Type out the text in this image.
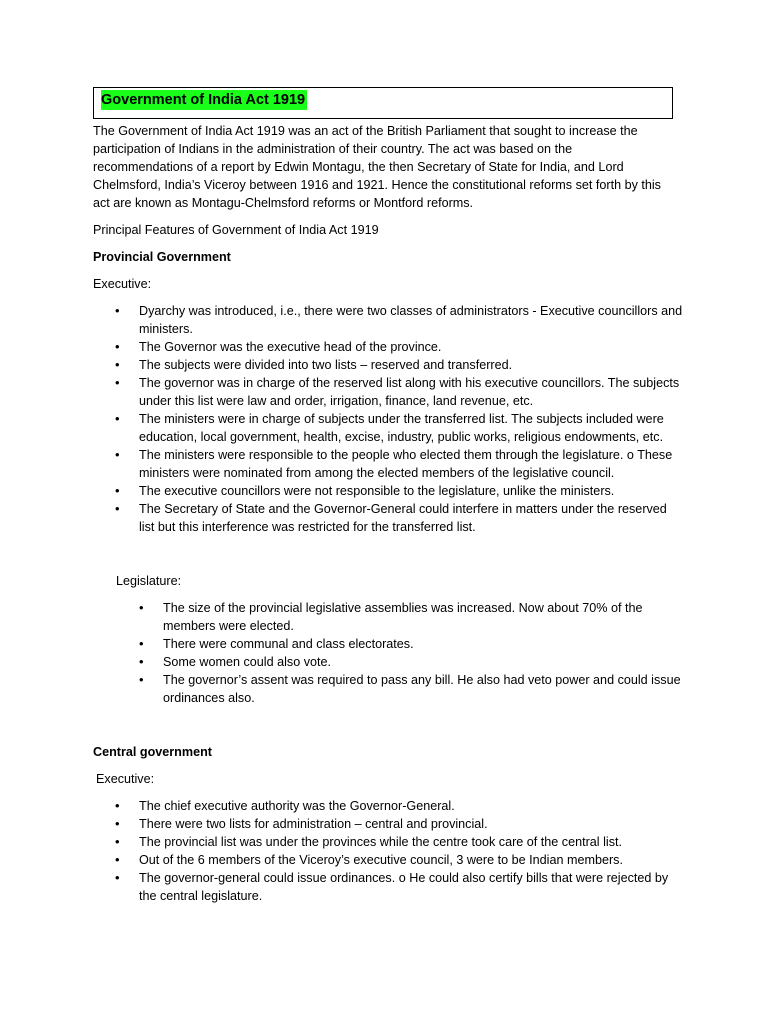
Government of India Act 1919

The Government of India Act 1919 was an act of the British Parliament that sought to increase the participation of Indians in the administration of their country. The act was based on the recommendations of a report by Edwin Montagu, the then Secretary of State for India, and Lord Chelmsford, India’s Viceroy between 1916 and 1921. Hence the constitutional reforms set forth by this act are known as Montagu-Chelmsford reforms or Montford reforms.

Principal Features of Government of India Act 1919

Provincial Government

Executive:

• Dyarchy was introduced, i.e., there were two classes of administrators - Executive councillors and ministers.
• The Governor was the executive head of the province.
• The subjects were divided into two lists – reserved and transferred.
• The governor was in charge of the reserved list along with his executive councillors. The subjects under this list were law and order, irrigation, finance, land revenue, etc.
• The ministers were in charge of subjects under the transferred list. The subjects included were education, local government, health, excise, industry, public works, religious endowments, etc.
• The ministers were responsible to the people who elected them through the legislature. o These ministers were nominated from among the elected members of the legislative council.
• The executive councillors were not responsible to the legislature, unlike the ministers.
• The Secretary of State and the Governor-General could interfere in matters under the reserved list but this interference was restricted for the transferred list.

Legislature:

• The size of the provincial legislative assemblies was increased. Now about 70% of the members were elected.
• There were communal and class electorates.
• Some women could also vote.
• The governor’s assent was required to pass any bill. He also had veto power and could issue ordinances also.

Central government

Executive:

• The chief executive authority was the Governor-General.
• There were two lists for administration – central and provincial.
• The provincial list was under the provinces while the centre took care of the central list.
• Out of the 6 members of the Viceroy’s executive council, 3 were to be Indian members.
• The governor-general could issue ordinances. o He could also certify bills that were rejected by the central legislature.
